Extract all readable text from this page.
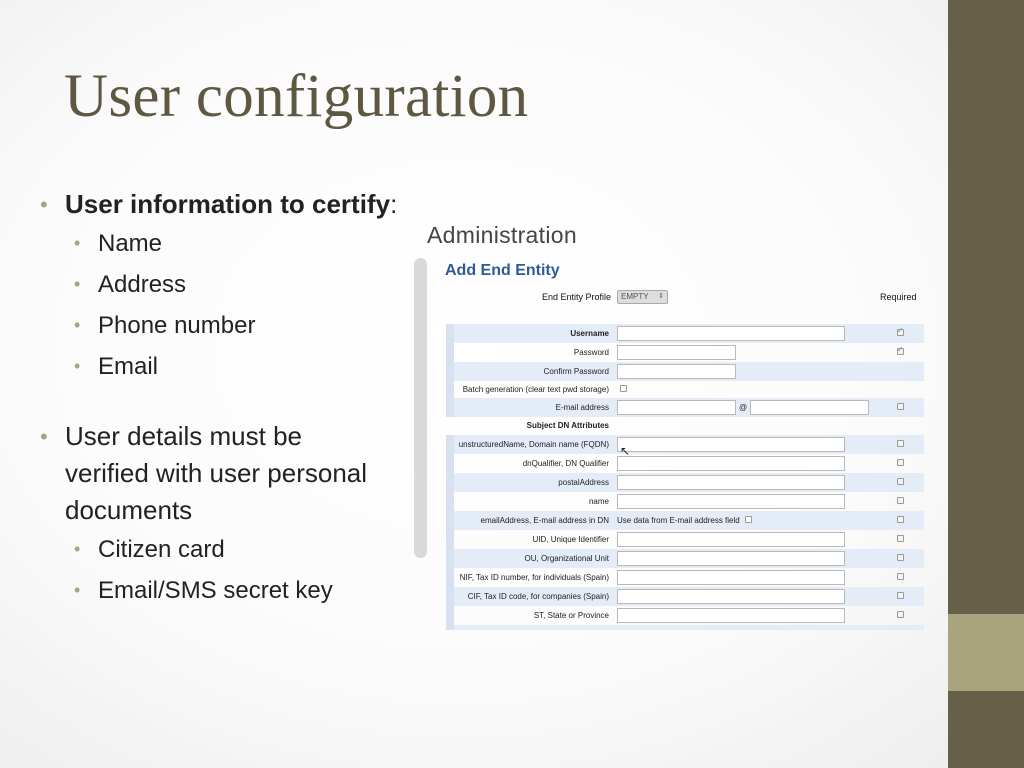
User configuration
• User information to certify:
• Name
• Address
• Phone number
• Email
• User details must be
verified with user personal
documents
• Citizen card
• Email/SMS secret key
Administration
Add End Entity
End Entity Profile	EMPTY ⇕	Required
Username
✓
Password
✓
Confirm Password
Batch generation (clear text pwd storage)
E-mail address	@
Subject DN Attributes
unstructuredName, Domain name (FQDN)
dnQualifier, DN Qualifier
postalAddress
name
emailAddress, E-mail address in DN Use data from E-mail address field
UID, Unique Identifier
OU, Organizational Unit
NIF, Tax ID number, for individuals (Spain)
CIF, Tax ID code, for companies (Spain)
ST, State or Province
↖
